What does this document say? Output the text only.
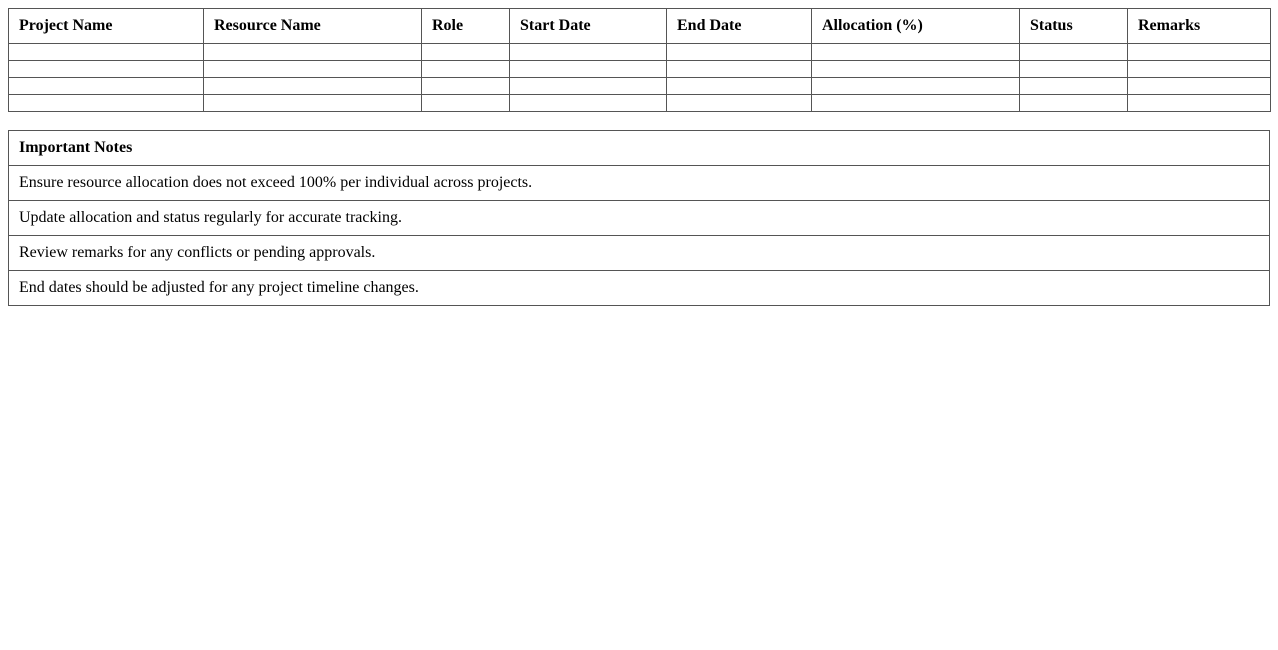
Project Name	Resource Name	Role	Start Date	End Date	Allocation (%)	Status	Remarks

Important Notes
Ensure resource allocation does not exceed 100% per individual across projects.
Update allocation and status regularly for accurate tracking.
Review remarks for any conflicts or pending approvals.
End dates should be adjusted for any project timeline changes.
